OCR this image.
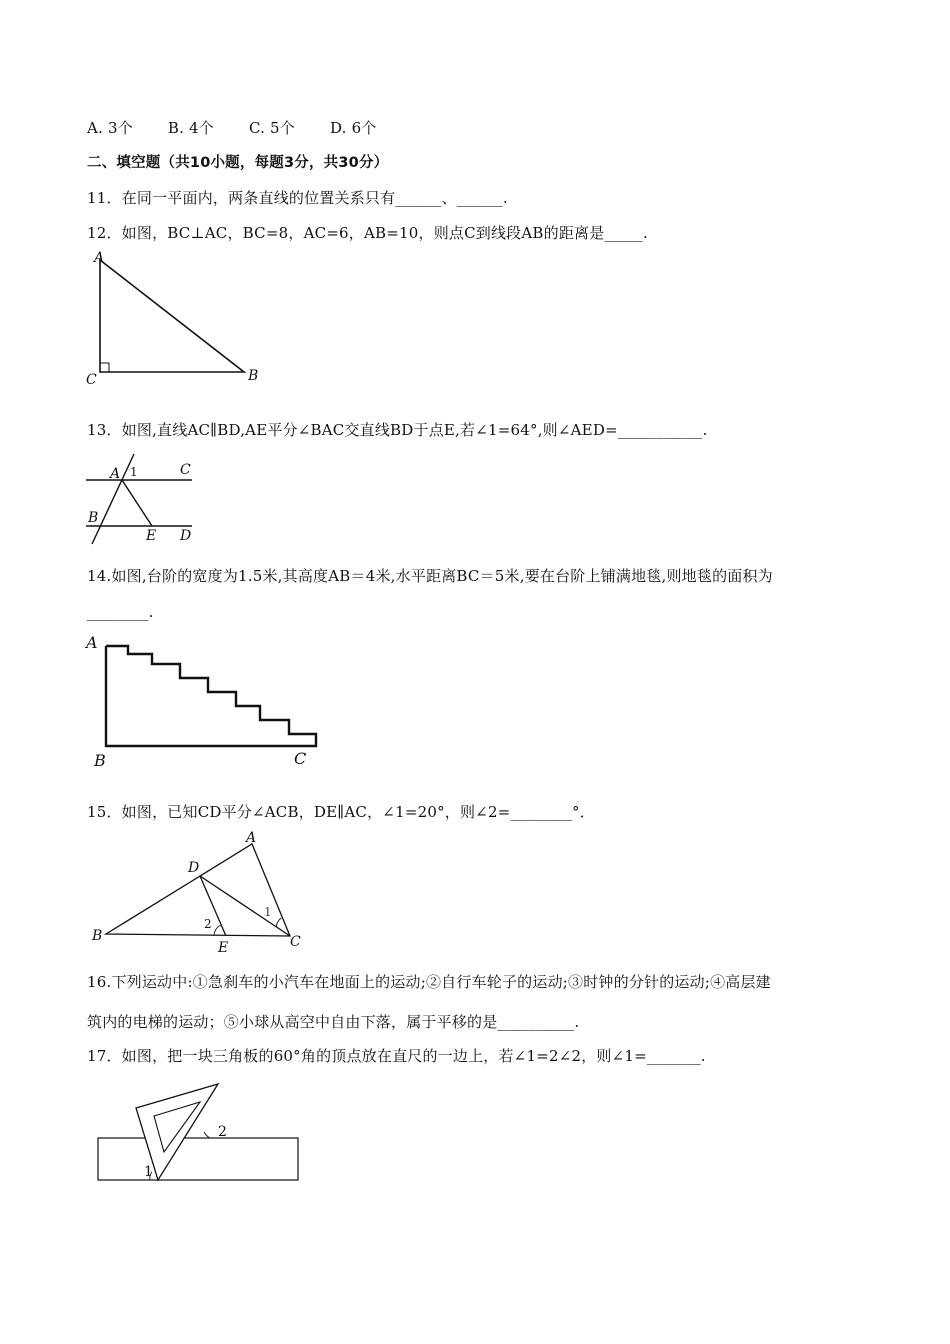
A. 3个 B. 4个 C. 5个 D. 6个
二、填空题（共10小题，每题3分，共30分）
11．在同一平面内，两条直线的位置关系只有______、______.
12．如图，BC⊥AC，BC=8，AC=6，AB=10，则点C到线段AB的距离是_____.
A
C	B
13．如图,直线AC∥BD,AE平分∠BAC交直线BD于点E,若∠1=64°,则∠AED=___________.
A 1	C
B
E D
14.如图,台阶的宽度为1.5米,其高度AB＝4米,水平距离BC＝5米,要在台阶上铺满地毯,则地毯的面积为
________.
A
B	C
15．如图，已知CD平分∠ACB，DE∥AC，∠1=20°，则∠2=________°．
A
D
1
2
B
E	C
16.下列运动中:①急刹车的小汽车在地面上的运动;②自行车轮子的运动;③时钟的分针的运动;④高层建
筑内的电梯的运动；⑤小球从高空中自由下落，属于平移的是__________.
17．如图，把一块三角板的60°角的顶点放在直尺的一边上，若∠1=2∠2，则∠1=_______.
1
2
